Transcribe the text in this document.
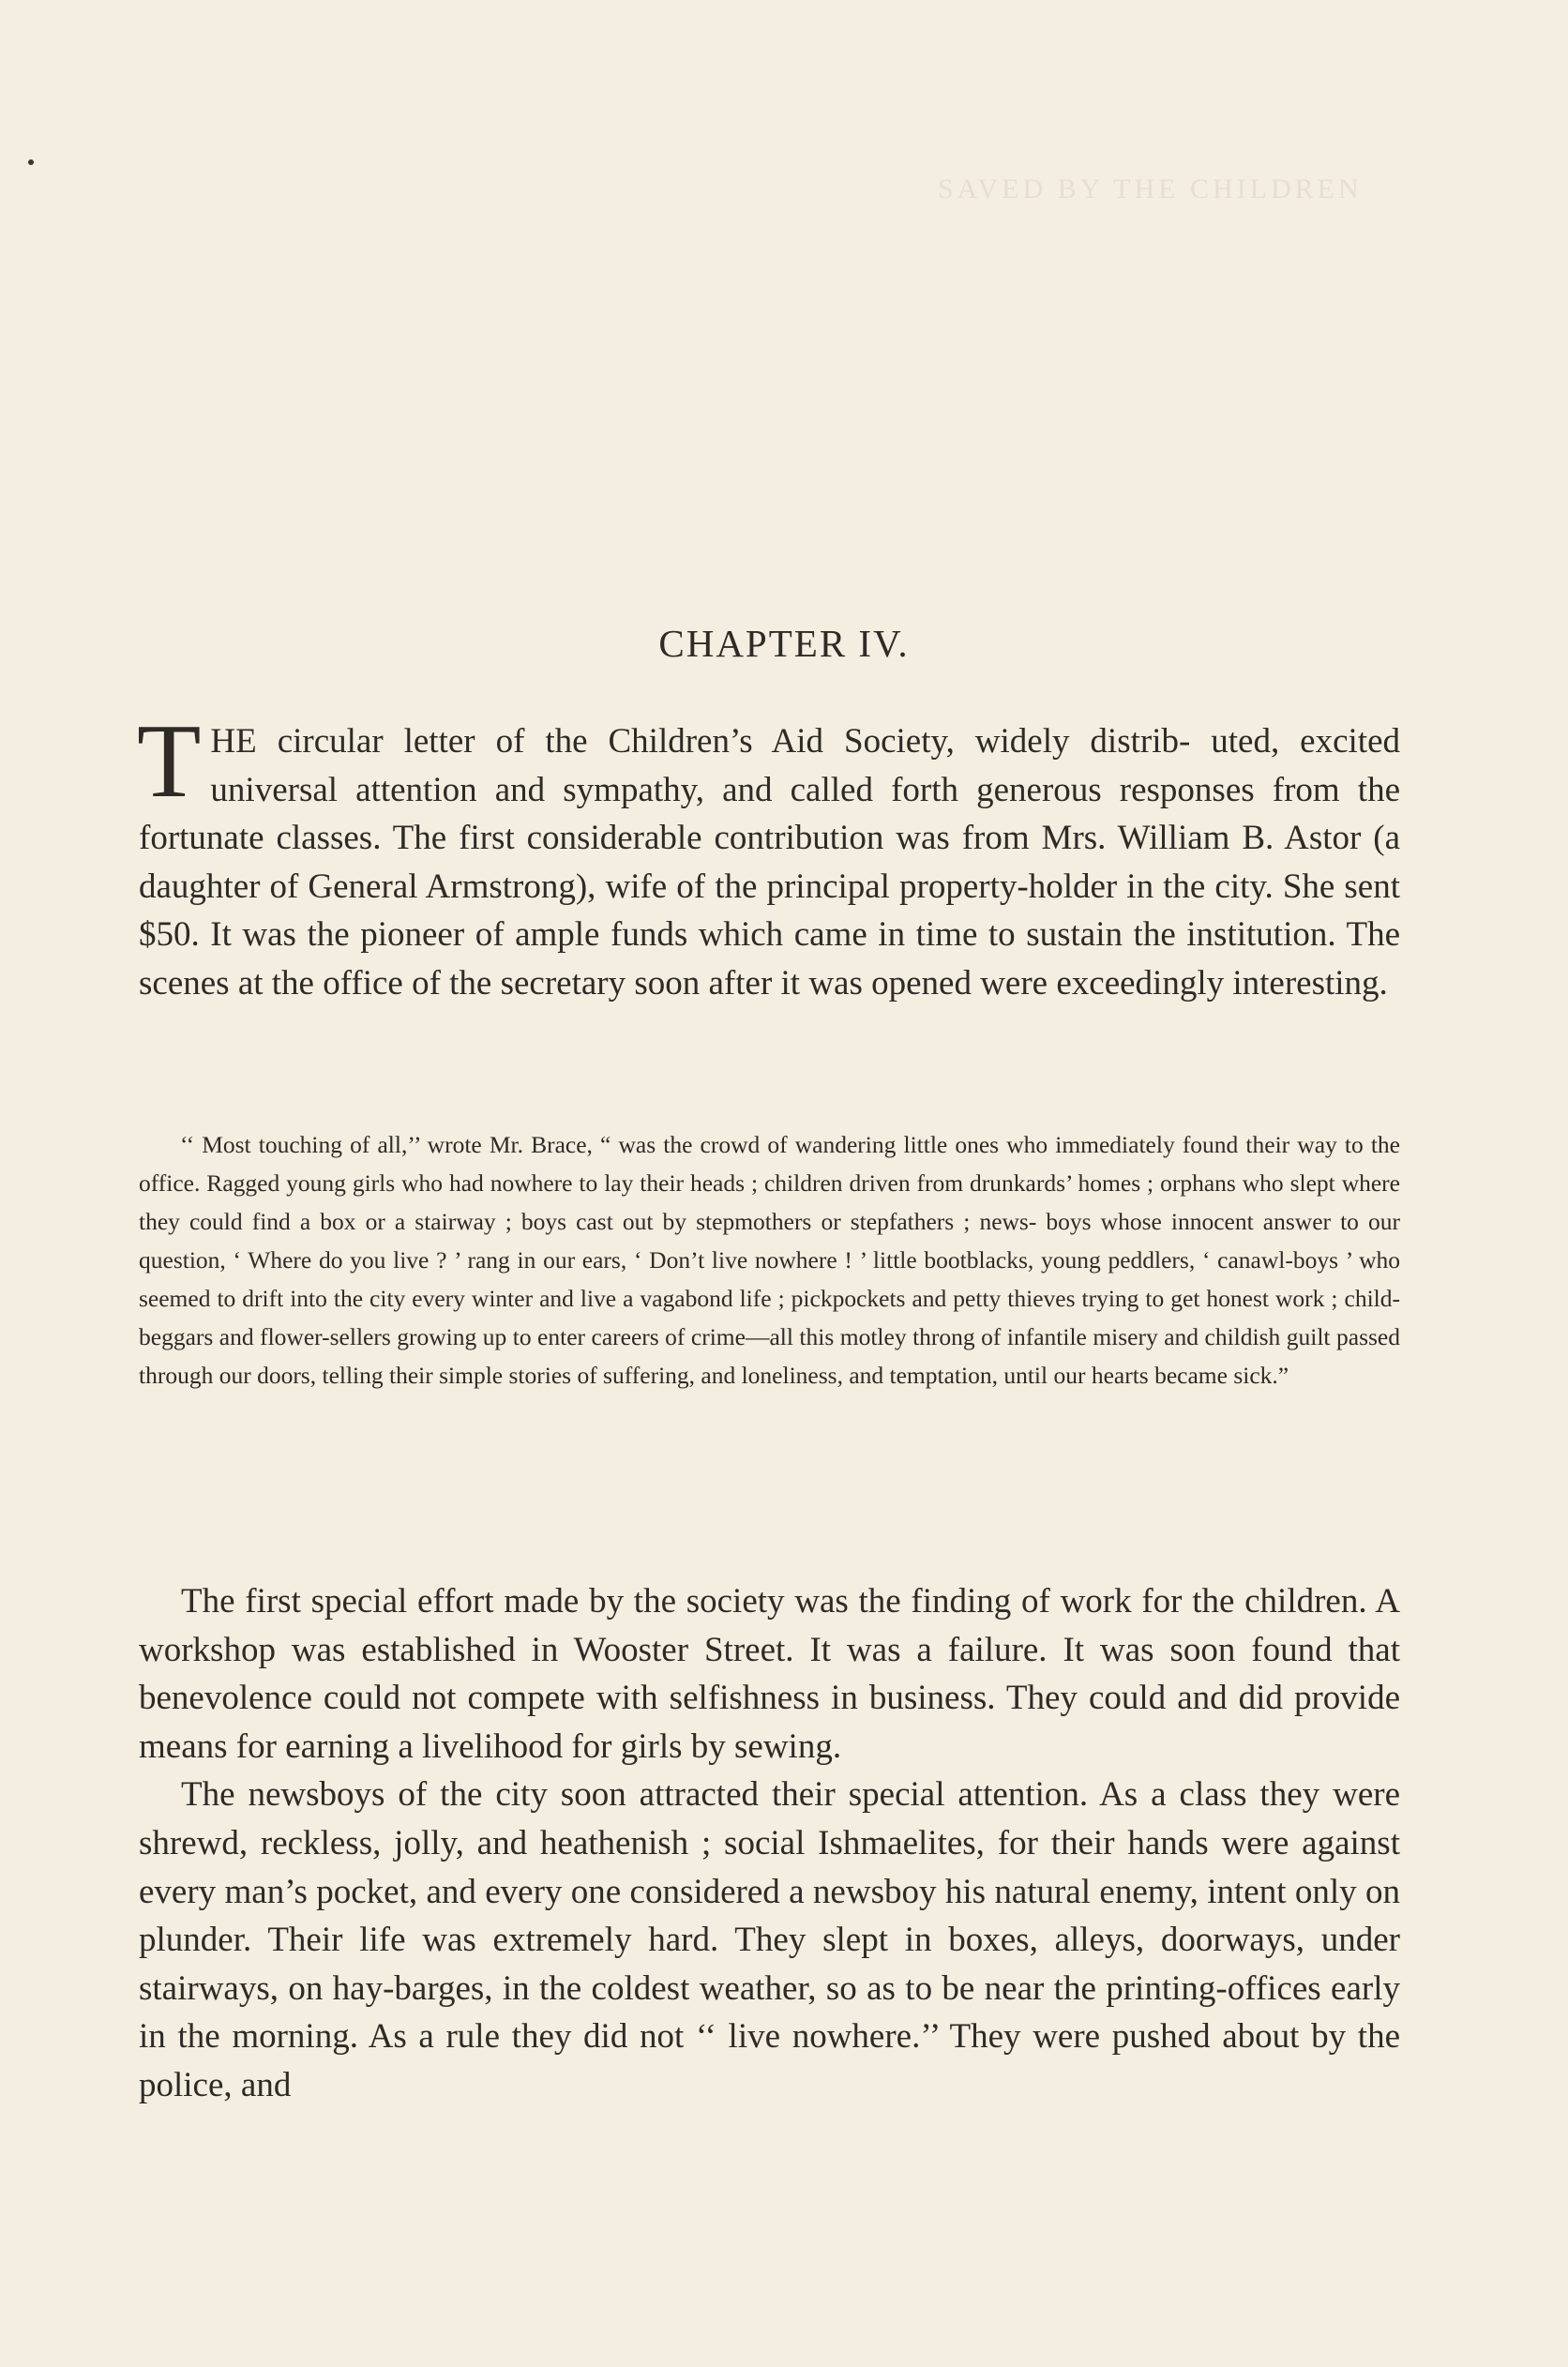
SAVED BY THE CHILDREN
CHAPTER IV.

THE circular letter of the Children’s Aid Society, widely distrib- uted, excited universal attention and sympathy, and called forth generous responses from the fortunate classes. The first considerable contribution was from Mrs. William B. Astor (a daughter of General Armstrong), wife of the principal property-holder in the city. She sent $50. It was the pioneer of ample funds which came in time to sustain the institution. The scenes at the office of the secretary soon after it was opened were exceedingly interesting.

‘‘ Most touching of all,’’ wrote Mr. Brace, “ was the crowd of wandering little ones who immediately found their way to the office. Ragged young girls who had nowhere to lay their heads ; children driven from drunkards’ homes ; orphans who slept where they could find a box or a stairway ; boys cast out by stepmothers or stepfathers ; news- boys whose innocent answer to our question, ‘ Where do you live ? ’ rang in our ears, ‘ Don’t live nowhere ! ’ little bootblacks, young peddlers, ‘ canawl-boys ’ who seemed to drift into the city every winter and live a vagabond life ; pickpockets and petty thieves trying to get honest work ; child-beggars and flower-sellers growing up to enter careers of crime—all this motley throng of infantile misery and childish guilt passed through our doors, telling their simple stories of suffering, and loneliness, and temptation, until our hearts became sick.”

The first special effort made by the society was the finding of work for the children. A workshop was established in Wooster Street. It was a failure. It was soon found that benevolence could not compete with selfishness in business. They could and did provide means for earning a livelihood for girls by sewing.

The newsboys of the city soon attracted their special attention. As a class they were shrewd, reckless, jolly, and heathenish ; social Ishmaelites, for their hands were against every man’s pocket, and every one considered a newsboy his natural enemy, intent only on plunder. Their life was extremely hard. They slept in boxes, alleys, doorways, under stairways, on hay-barges, in the coldest weather, so as to be near the printing-offices early in the morning. As a rule they did not ‘‘ live nowhere.’’ They were pushed about by the police, and
